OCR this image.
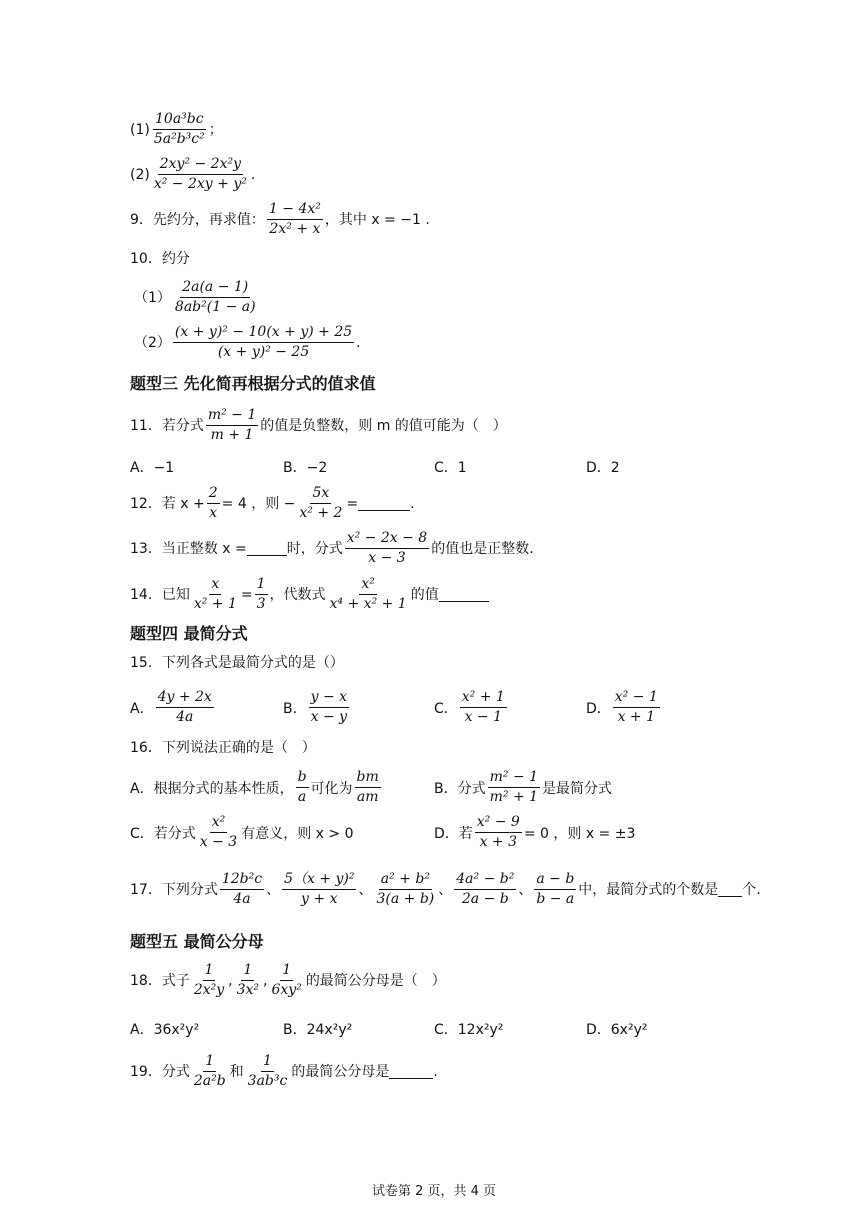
$(1) \frac{\text{10a³bc}}{\text{5a²b³c²}}$ ；
$(2) \frac{\text{2xy² − 2x²y}}{\text{x² − 2xy + y²}}$ .
9．先约分，再求值： $\frac{\text{1 − 4x²}}{\text{2x² + x}}$ ，其中 x = −1 .
10．约分
$(1) \frac{2a(a - 1)}{\text{8ab²(1 − a)}}$
$(2) \frac{\text{(x + y)² − 10(x + y) + 25}}{\text{(x + y)² − 25}}$ .
题型三 先化简再根据分式的值求值
11．若分式 $\frac{\text{m² − 1}}{m + 1}$ 的值是负整数，则 m 的值可能为（　）
A．−1	B．−2	C．1	D．2
12．若 $x + \frac{2}{x} = 4$ ，则 − $\frac{5x}{\text{x² + 2}}$ =	.
13．当正整数 x =	时，分式 $\frac{\text{x² − 2x − 8}}{x - 3}$ 的值也是正整数.
14．已知 $\frac{x}{\text{x² + 1}} = \frac{1}{3}$ ，代数式 $\frac{\text{x²}}{\text{x⁴ + x² + 1}}$ 的值
题型四 最简分式
15．下列各式是最简分式的是（）
A． $\frac{4y + 2x}{4a}$	B． $\frac{y - x}{x - y}$	C． $\frac{\text{x² + 1}}{x - 1}$	D． $\frac{\text{x² − 1}}{x + 1}$
16．下列说法正确的是（　）
A．根据分式的基本性质， $\frac{b}{a}$ 可化为 $\frac{bm}{am}$	B．分式 $\frac{\text{m² − 1}}{\text{m² + 1}}$ 是最简分式
C．若分式 $\frac{\text{x²}}{x - 3}$ 有意义，则 x > 0	D．若 $\frac{\text{x² − 9}}{x + 3} = 0$ ，则 x = ±3
17．下列分式 $\frac{\text{12b²c}}{4a}$ 、 $\frac{\text{5（x + y)²}}{y + x}$ 、 $\frac{\text{a² + b²}}{3(a + b)}$ 、 $\frac{\text{4a² − b²}}{2a - b}$ 、 $\frac{a - b}{b - a}$ 中，最简分式的个数是 个.
题型五 最简公分母
18．式子 $\frac{1}{\text{2x²y}}$ , $\frac{1}{\text{3x²}}$ , $\frac{1}{\text{6xy²}}$ 的最简公分母是（　）
A．36x²y²	B．24x²y²	C．12x²y²	D．6x²y²
19．分式 $\frac{1}{\text{2a²b}}$ 和 $\frac{1}{\text{3ab³c}}$ 的最简公分母是	.
试卷第 2 页，共 4 页
